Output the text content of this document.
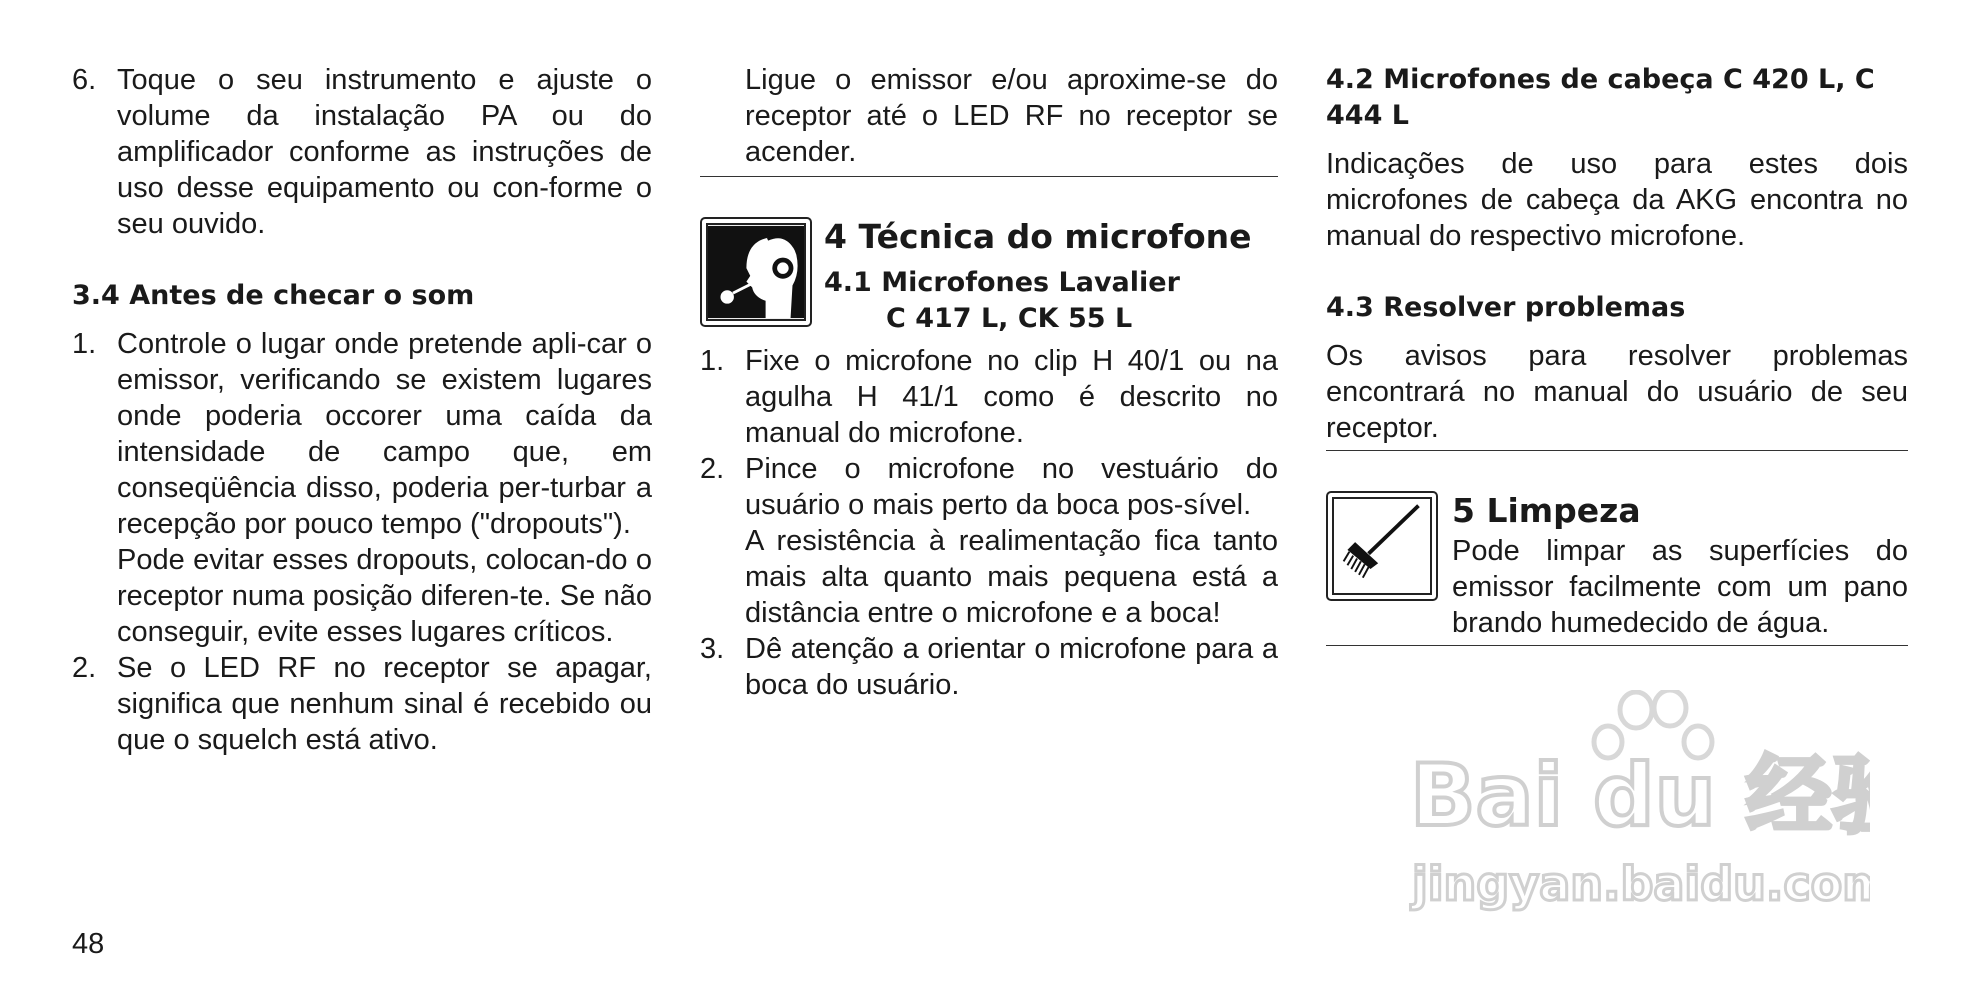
6. Toque o seu instrumento e ajuste o volume da instalação PA ou do amplificador conforme as instruções de uso desse equipamento ou con-forme o seu ouvido.

3.4 Antes de checar o som
1. Controle o lugar onde pretende apli-car o emissor, verificando se existem lugares onde poderia occorer uma caída da intensidade de campo que, em conseqüência disso, poderia per-turbar a recepção por pouco tempo ("dropouts").

Pode evitar esses dropouts, colocan-do o receptor numa posição diferen-te. Se não conseguir, evite esses lugares críticos.

2. Se o LED RF no receptor se apagar, significa que nenhum sinal é recebido ou que o squelch está ativo.

Ligue o emissor e/ou aproxime-se do receptor até o LED RF no receptor se acender.

4 Técnica do microfone
4.1 Microfones Lavalier
C 417 L, CK 55 L
1. Fixe o microfone no clip H 40/1 ou na agulha H 41/1 como é descrito no manual do microfone.

2. Pince o microfone no vestuário do usuário o mais perto da boca pos-sível.

A resistência à realimentação fica tanto mais alta quanto mais pequena está a distância entre o microfone e a boca!

3. Dê atenção a orientar o microfone para a boca do usuário.

4.2 Microfones de cabeça C 420 L, C 444 L

Indicações de uso para estes dois microfones de cabeça da AKG encontra no manual do respectivo microfone.

4.3 Resolver problemas

Os avisos para resolver problemas encontrará no manual do usuário de seu receptor.

5 Limpeza

Pode limpar as superfícies do emissor facilmente com um pano brando humedecido de água.

48
Bai du 经验
jingyan.baidu.com
